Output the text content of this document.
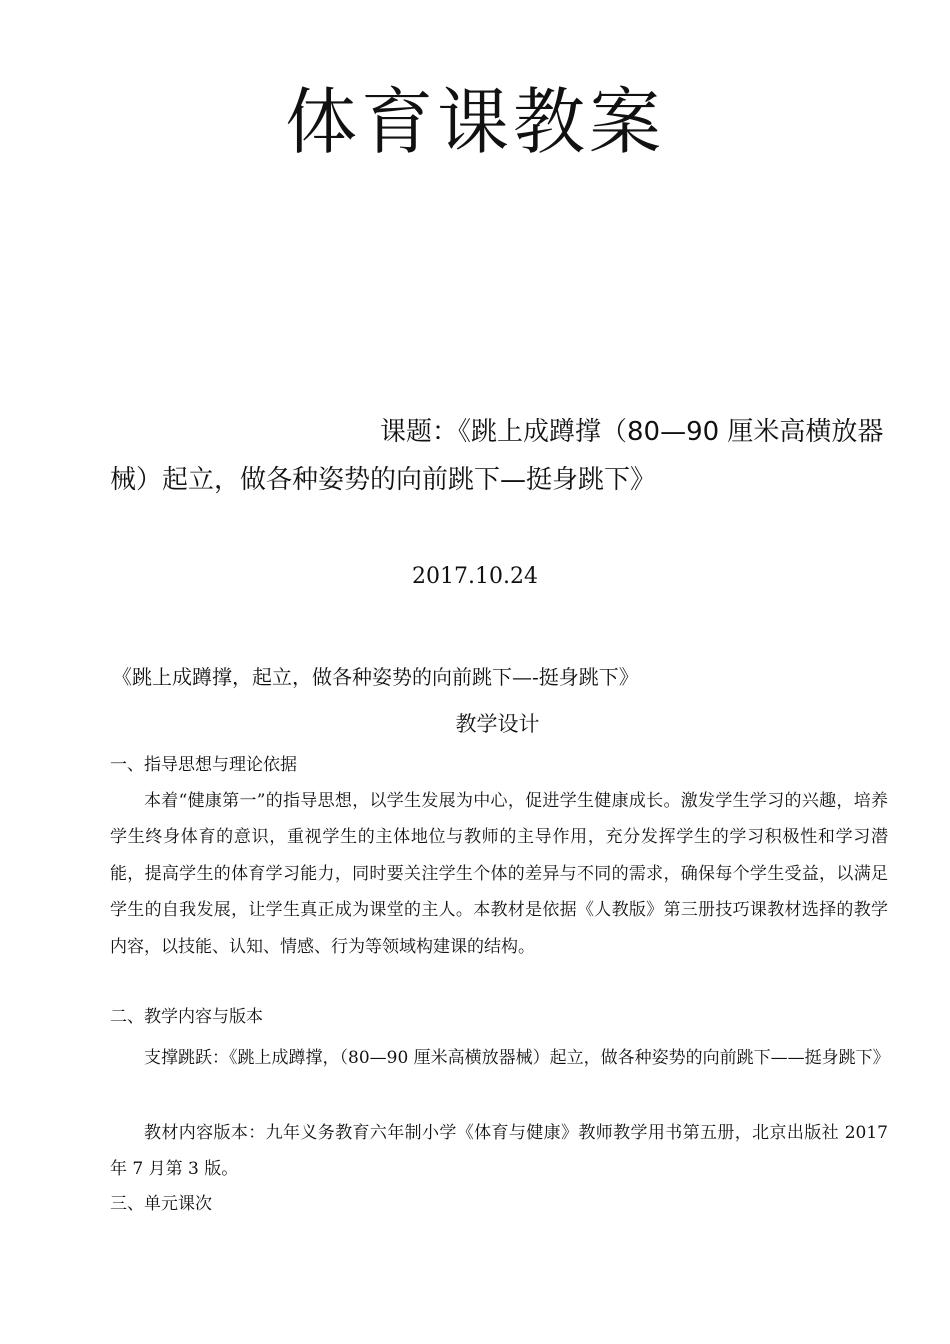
体育课教案
课题：《跳上成蹲撑（80—90 厘米高横放器
械）起立，做各种姿势的向前跳下—挺身跳下》
2017.10.24
《跳上成蹲撑，起立，做各种姿势的向前跳下—-挺身跳下》
教学设计
一、指导思想与理论依据

本着“健康第一”的指导思想，以学生发展为中心，促进学生健康成长。激发学生学习的兴趣，培养学生终身体育的意识，重视学生的主体地位与教师的主导作用，充分发挥学生的学习积极性和学习潜能，提高学生的体育学习能力，同时要关注学生个体的差异与不同的需求，确保每个学生受益，以满足学生的自我发展，让学生真正成为课堂的主人。本教材是依据《人教版》第三册技巧课教材选择的教学内容，以技能、认知、情感、行为等领域构建课的结构。

二、教学内容与版本

支撑跳跃：《跳上成蹲撑，（80—90 厘米高横放器械）起立，做各种姿势的向前跳下——挺身跳下》

教材内容版本：九年义务教育六年制小学《体育与健康》教师教学用书第五册，北京出版社 2017 年 7 月第 3 版。

三、单元课次
